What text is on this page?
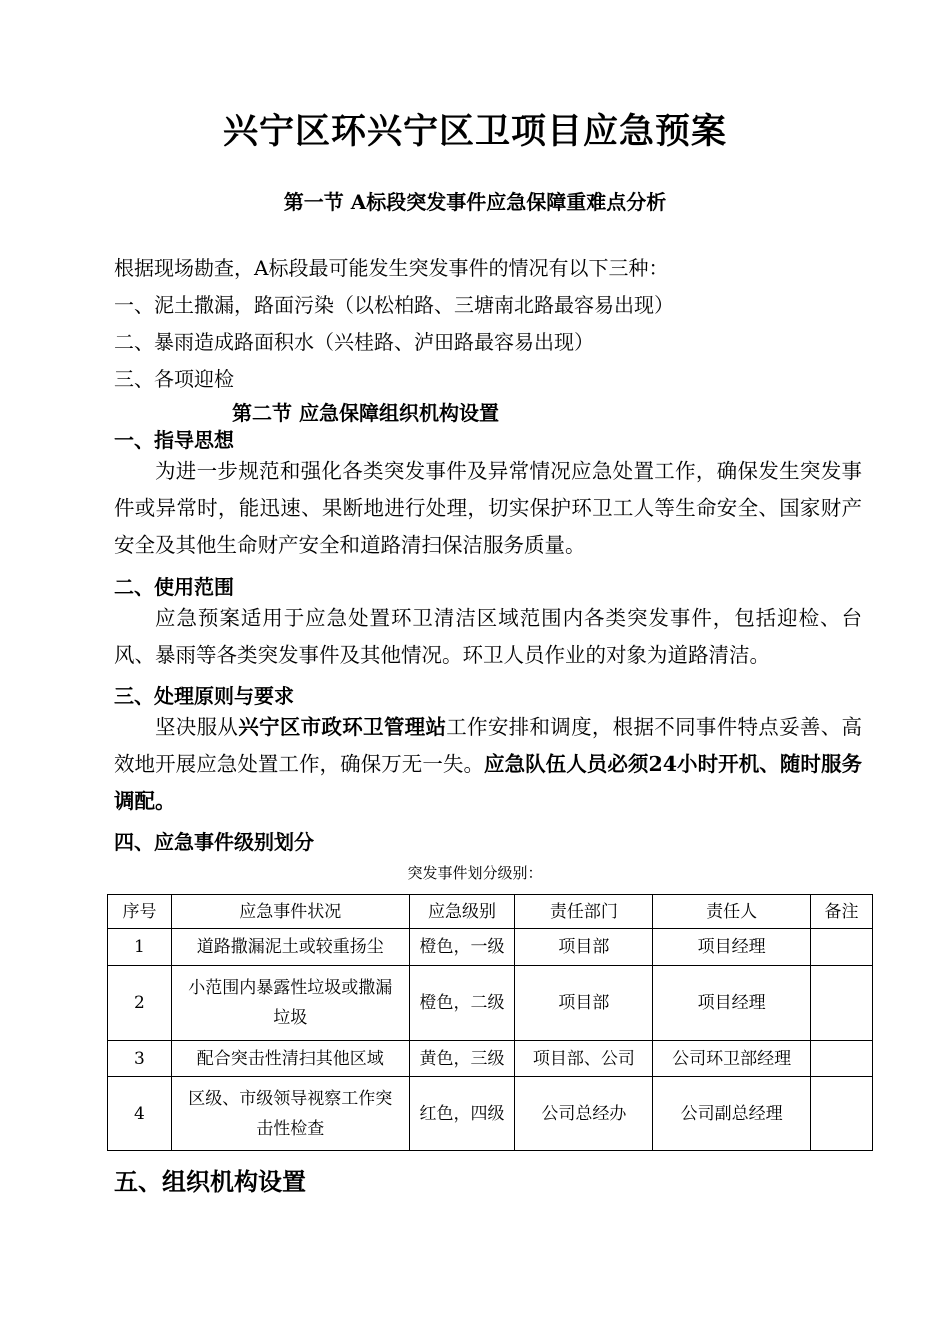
兴宁区环兴宁区卫项目应急预案
第一节 A标段突发事件应急保障重难点分析
根据现场勘查，A标段最可能发生突发事件的情况有以下三种：
一、泥土撒漏，路面污染（以松柏路、三塘南北路最容易出现）
二、暴雨造成路面积水（兴桂路、泸田路最容易出现）
三、各项迎检
第二节 应急保障组织机构设置
一、指导思想
为进一步规范和强化各类突发事件及异常情况应急处置工作，确保发生突发事件或异常时，能迅速、果断地进行处理，切实保护环卫工人等生命安全、国家财产安全及其他生命财产安全和道路清扫保洁服务质量。
二、使用范围
应急预案适用于应急处置环卫清洁区域范围内各类突发事件，包括迎检、台风、暴雨等各类突发事件及其他情况。环卫人员作业的对象为道路清洁。
三、处理原则与要求
坚决服从兴宁区市政环卫管理站工作安排和调度，根据不同事件特点妥善、高效地开展应急处置工作，确保万无一失。应急队伍人员必须24小时开机、随时服务调配。
四、应急事件级别划分
突发事件划分级别：
序号	应急事件状况	应急级别	责任部门	责任人	备注
1	道路撒漏泥土或较重扬尘	橙色，一级	项目部	项目经理	
2	小范围内暴露性垃圾或撒漏垃圾	橙色，二级	项目部	项目经理	
3	配合突击性清扫其他区域	黄色，三级	项目部、公司	公司环卫部经理	
4	区级、市级领导视察工作突击性检查	红色，四级	公司总经办	公司副总经理	
五、组织机构设置
